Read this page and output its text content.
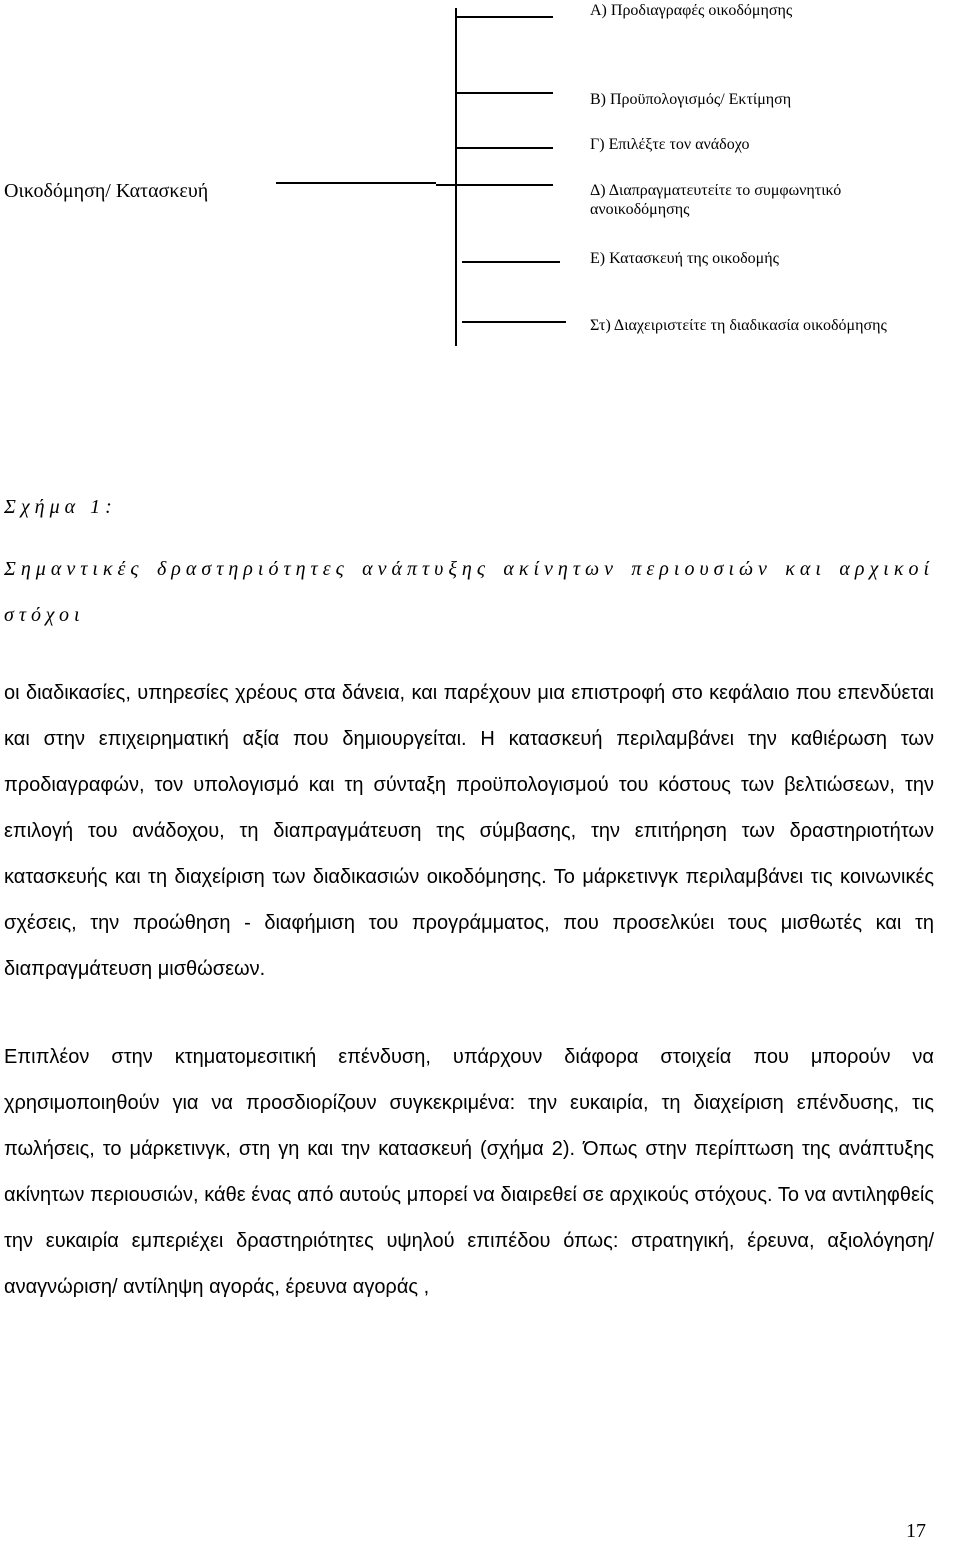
Οικοδόμηση/ Κατασκευή
Α) Προδιαγραφές οικοδόμησης
Β) Προϋπολογισμός/ Εκτίμηση
Γ) Επιλέξτε τον ανάδοχο
Δ) Διαπραγματευτείτε το συμφωνητικό ανοικοδόμησης
Ε) Κατασκευή της οικοδομής
Στ) Διαχειριστείτε τη διαδικασία οικοδόμησης
Σχήμα 1:
Σημαντικές δραστηριότητες ανάπτυξης ακίνητων περιουσιών και αρχικοί στόχοι

οι διαδικασίες, υπηρεσίες χρέους στα δάνεια, και παρέχουν μια επιστροφή στο κεφάλαιο που επενδύεται και στην επιχειρηματική αξία που δημιουργείται. Η κατασκευή περιλαμβάνει την καθιέρωση των προδιαγραφών, τον υπολογισμό και τη σύνταξη προϋπολογισμού του κόστους των βελτιώσεων, την επιλογή του ανάδοχου, τη διαπραγμάτευση της σύμβασης, την επιτήρηση των δραστηριοτήτων κατασκευής και τη διαχείριση των διαδικασιών οικοδόμησης. Το μάρκετινγκ περιλαμβάνει τις κοινωνικές σχέσεις, την προώθηση - διαφήμιση του προγράμματος, που προσελκύει τους μισθωτές και τη διαπραγμάτευση μισθώσεων.

Επιπλέον στην κτηματομεσιτική επένδυση, υπάρχουν διάφορα στοιχεία που μπορούν να χρησιμοποιηθούν για να προσδιορίζουν συγκεκριμένα: την ευκαιρία, τη διαχείριση επένδυσης, τις πωλήσεις, το μάρκετινγκ, στη γη και την κατασκευή (σχήμα 2). Όπως στην περίπτωση της ανάπτυξης ακίνητων περιουσιών, κάθε ένας από αυτούς μπορεί να διαιρεθεί σε αρχικούς στόχους. Το να αντιληφθείς την ευκαιρία εμπεριέχει δραστηριότητες υψηλού επιπέδου όπως: στρατηγική, έρευνα, αξιολόγηση/ αναγνώριση/ αντίληψη αγοράς, έρευνα αγοράς ,

17
